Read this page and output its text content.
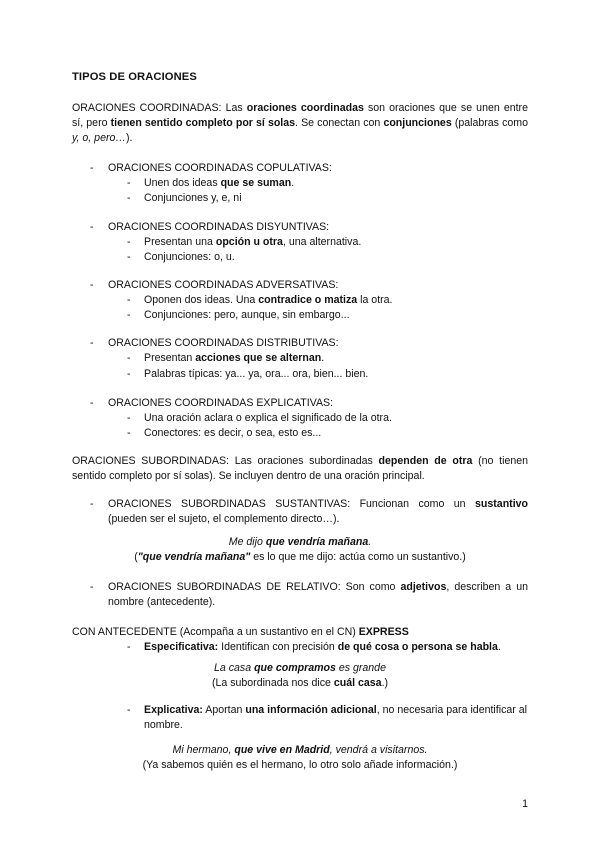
TIPOS DE ORACIONES
ORACIONES COORDINADAS: Las oraciones coordinadas son oraciones que se unen entre sí, pero tienen sentido completo por sí solas. Se conectan con conjunciones (palabras como y, o, pero…).
- ORACIONES COORDINADAS COPULATIVAS:
- Unen dos ideas que se suman.
- Conjunciones y, e, ni
- ORACIONES COORDINADAS DISYUNTIVAS:
- Presentan una opción u otra, una alternativa.
- Conjunciones: o, u.
- ORACIONES COORDINADAS ADVERSATIVAS:
- Oponen dos ideas. Una contradice o matiza la otra.
- Conjunciones: pero, aunque, sin embargo...
- ORACIONES COORDINADAS DISTRIBUTIVAS:
- Presentan acciones que se alternan.
- Palabras típicas: ya... ya, ora... ora, bien... bien.
- ORACIONES COORDINADAS EXPLICATIVAS:
- Una oración aclara o explica el significado de la otra.
- Conectores: es decir, o sea, esto es...
ORACIONES SUBORDINADAS: Las oraciones subordinadas dependen de otra (no tienen sentido completo por sí solas). Se incluyen dentro de una oración principal.
- ORACIONES SUBORDINADAS SUSTANTIVAS: Funcionan como un sustantivo (pueden ser el sujeto, el complemento directo…).
Me dijo que vendría mañana.
("que vendría mañana" es lo que me dijo: actúa como un sustantivo.)
- ORACIONES SUBORDINADAS DE RELATIVO: Son como adjetivos, describen a un nombre (antecedente).
CON ANTECEDENTE (Acompaña a un sustantivo en el CN) EXPRESS
- Especificativa: Identifican con precisión de qué cosa o persona se habla.
La casa que compramos es grande
(La subordinada nos dice cuál casa.)
- Explicativa: Aportan una información adicional, no necesaria para identificar al nombre.
Mi hermano, que vive en Madrid, vendrá a visitarnos.
(Ya sabemos quién es el hermano, lo otro solo añade información.)
1
